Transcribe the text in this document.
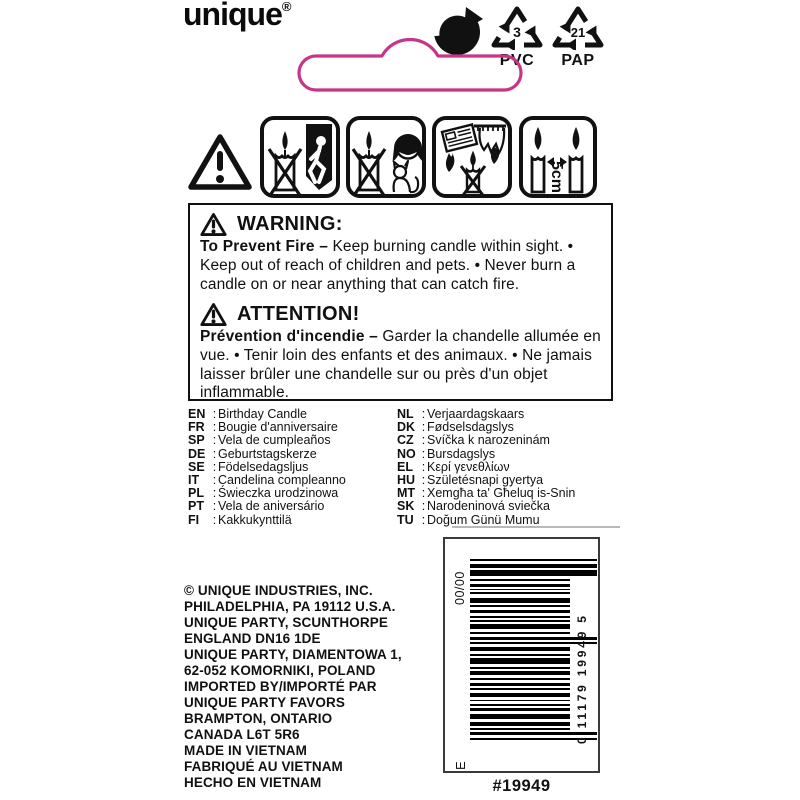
unique®
3
PVC
21
PAP
5cm
WARNING:
To Prevent Fire – Keep burning candle within sight. • Keep out of reach of children and pets. • Never burn a candle on or near anything that can catch fire.
ATTENTION!
Prévention d'incendie – Garder la chandelle allumée en vue. • Tenir loin des enfants et des animaux. • Ne jamais laisser brûler une chandelle sur ou près d'un objet inflammable.
EN : Birthday Candle
FR : Bougie d'anniversaire
SP : Vela de cumpleaños
DE : Geburtstagskerze
SE : Födelsedagsljus
IT : Candelina compleanno
PL : Świeczka urodzinowa
PT : Vela de aniversário
FI : Kakkukynttilä
NL : Verjaardagskaars
DK : Fødselsdagslys
CZ : Svíčka k narozeninám
NO : Bursdagslys
EL : Κερί γενεθλίων
HU : Születésnapi gyertya
MT : Xemgħa ta' Għeluq is-Snin
SK : Narodeninová sviečka
TU : Doğum Günü Mumu
© UNIQUE INDUSTRIES, INC.
PHILADELPHIA, PA 19112 U.S.A.
UNIQUE PARTY, SCUNTHORPE
ENGLAND DN16 1DE
UNIQUE PARTY, DIAMENTOWA 1,
62-052 KOMORNIKI, POLAND
IMPORTED BY/IMPORTÉ PAR
UNIQUE PARTY FAVORS
BRAMPTON, ONTARIO
CANADA L6T 5R6
MADE IN VIETNAM
FABRIQUÉ AU VIETNAM
HECHO EN VIETNAM
00/00
0 11179 19949 5
E
#19949
